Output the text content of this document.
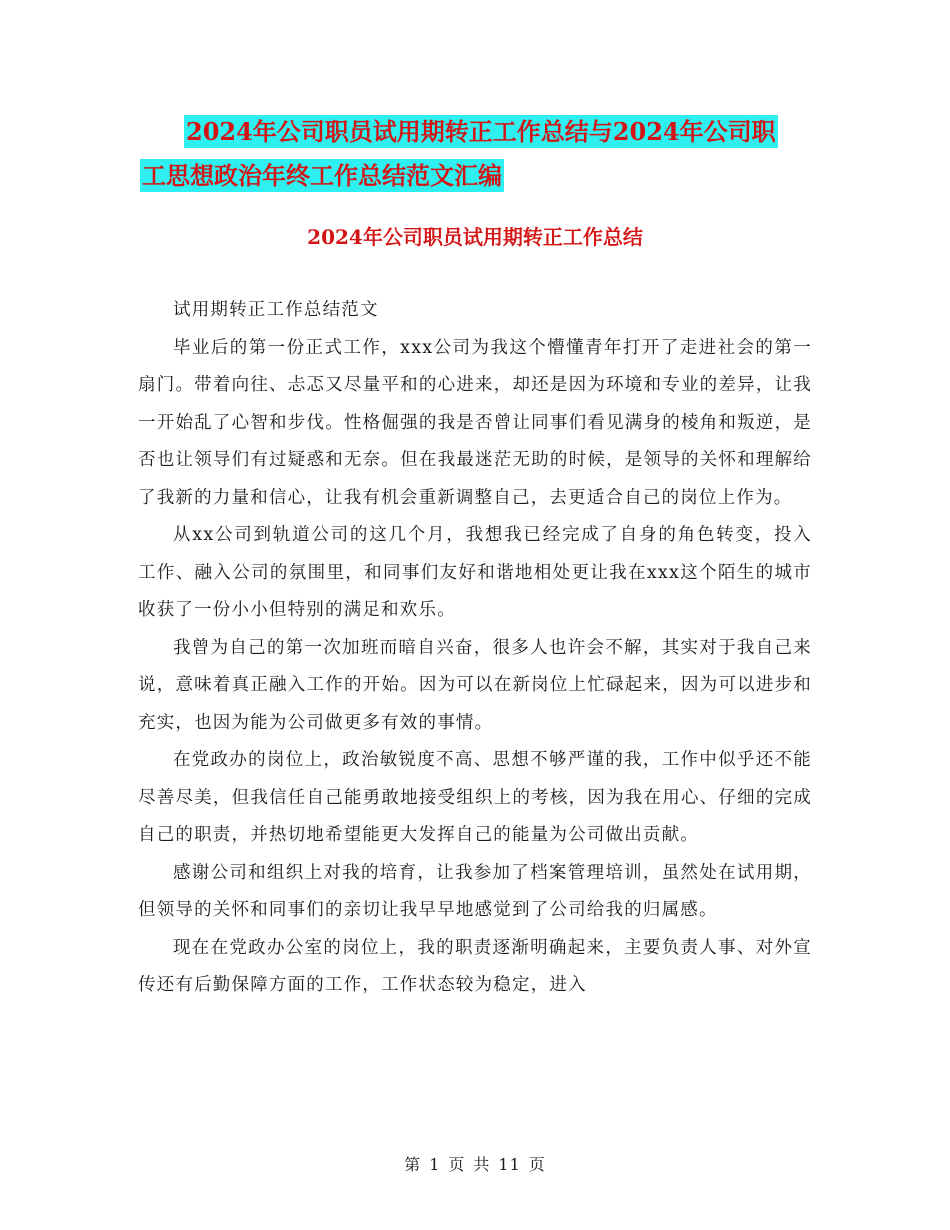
2024年公司职员试用期转正工作总结与2024年公司职
工思想政治年终工作总结范文汇编
2024年公司职员试用期转正工作总结

试用期转正工作总结范文

毕业后的第一份正式工作，xxx公司为我这个懵懂青年打开了走进社会的第一扇门。带着向往、忐忑又尽量平和的心进来，却还是因为环境和专业的差异，让我一开始乱了心智和步伐。性格倔强的我是否曾让同事们看见满身的棱角和叛逆，是否也让领导们有过疑惑和无奈。但在我最迷茫无助的时候，是领导的关怀和理解给了我新的力量和信心，让我有机会重新调整自己，去更适合自己的岗位上作为。

从xx公司到轨道公司的这几个月，我想我已经完成了自身的角色转变，投入工作、融入公司的氛围里，和同事们友好和谐地相处更让我在xxx这个陌生的城市收获了一份小小但特别的满足和欢乐。

我曾为自己的第一次加班而暗自兴奋，很多人也许会不解，其实对于我自己来说，意味着真正融入工作的开始。因为可以在新岗位上忙碌起来，因为可以进步和充实，也因为能为公司做更多有效的事情。

在党政办的岗位上，政治敏锐度不高、思想不够严谨的我，工作中似乎还不能尽善尽美，但我信任自己能勇敢地接受组织上的考核，因为我在用心、仔细的完成自己的职责，并热切地希望能更大发挥自己的能量为公司做出贡献。

感谢公司和组织上对我的培育，让我参加了档案管理培训，虽然处在试用期，但领导的关怀和同事们的亲切让我早早地感觉到了公司给我的归属感。

现在在党政办公室的岗位上，我的职责逐渐明确起来，主要负责人事、对外宣传还有后勤保障方面的工作，工作状态较为稳定，进入

第 1 页 共 11 页
